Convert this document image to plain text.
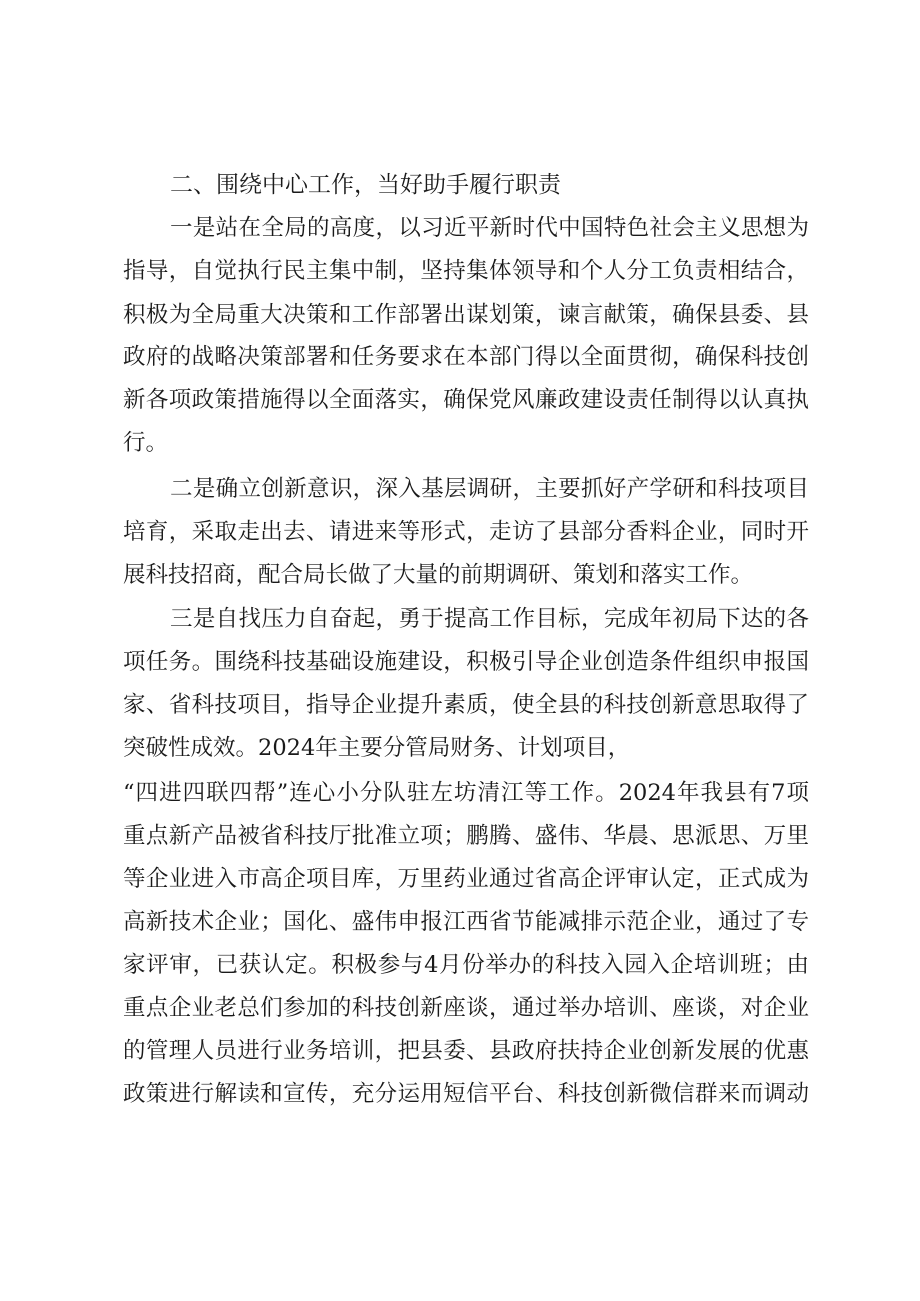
二、围绕中心工作，当好助手履行职责
一是站在全局的高度，以习近平新时代中国特色社会主义思想为
指导，自觉执行民主集中制，坚持集体领导和个人分工负责相结合，
积极为全局重大决策和工作部署出谋划策，谏言献策，确保县委、县
政府的战略决策部署和任务要求在本部门得以全面贯彻，确保科技创
新各项政策措施得以全面落实，确保党风廉政建设责任制得以认真执
行。
二是确立创新意识，深入基层调研，主要抓好产学研和科技项目
培育，采取走出去、请进来等形式，走访了县部分香料企业，同时开
展科技招商，配合局长做了大量的前期调研、策划和落实工作。
三是自找压力自奋起，勇于提高工作目标，完成年初局下达的各
项任务。围绕科技基础设施建设，积极引导企业创造条件组织申报国
家、省科技项目，指导企业提升素质，使全县的科技创新意思取得了
突破性成效。2024年主要分管局财务、计划项目，
“四进四联四帮”连心小分队驻左坊清江等工作。2024年我县有7项
重点新产品被省科技厅批准立项；鹏腾、盛伟、华晨、思派思、万里
等企业进入市高企项目库，万里药业通过省高企评审认定，正式成为
高新技术企业；国化、盛伟申报江西省节能减排示范企业，通过了专
家评审，已获认定。积极参与4月份举办的科技入园入企培训班；由
重点企业老总们参加的科技创新座谈，通过举办培训、座谈，对企业
的管理人员进行业务培训，把县委、县政府扶持企业创新发展的优惠
政策进行解读和宣传，充分运用短信平台、科技创新微信群来而调动
